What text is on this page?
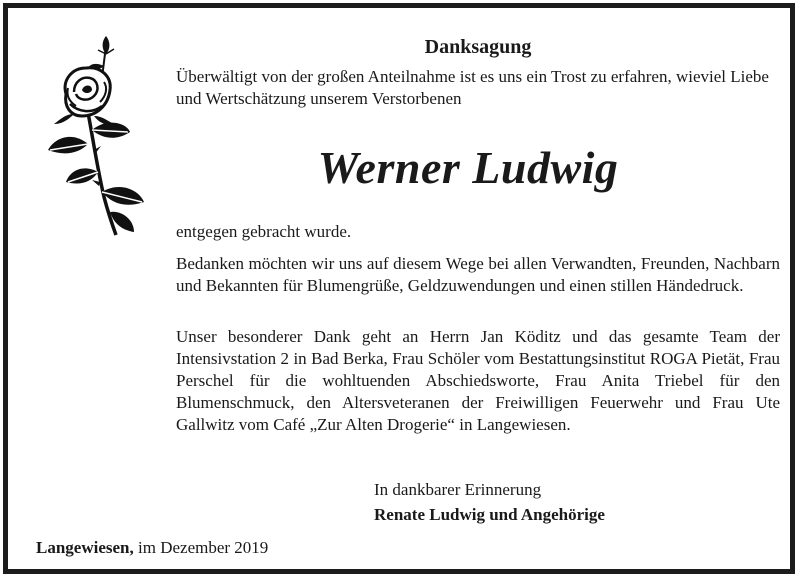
Danksagung
Überwältigt von der großen Anteilnahme ist es uns ein Trost zu erfahren, wieviel Liebe und Wertschätzung unserem Verstorbenen
Werner Ludwig
entgegen gebracht wurde.
Bedanken möchten wir uns auf diesem Wege bei allen Verwandten, Freunden, Nachbarn und Bekannten für Blumengrüße, Geldzuwendungen und einen stillen Händedruck.
Unser besonderer Dank geht an Herrn Jan Köditz und das gesamte Team der Intensivstation 2 in Bad Berka, Frau Schöler vom Bestattungsinstitut ROGA Pietät, Frau Perschel für die wohltuenden Abschiedsworte, Frau Anita Triebel für den Blumenschmuck, den Altersveteranen der Freiwilligen Feuerwehr und Frau Ute Gallwitz vom Café „Zur Alten Drogerie“ in Langewiesen.
In dankbarer Erinnerung
Renate Ludwig und Angehörige
Langewiesen, im Dezember 2019
